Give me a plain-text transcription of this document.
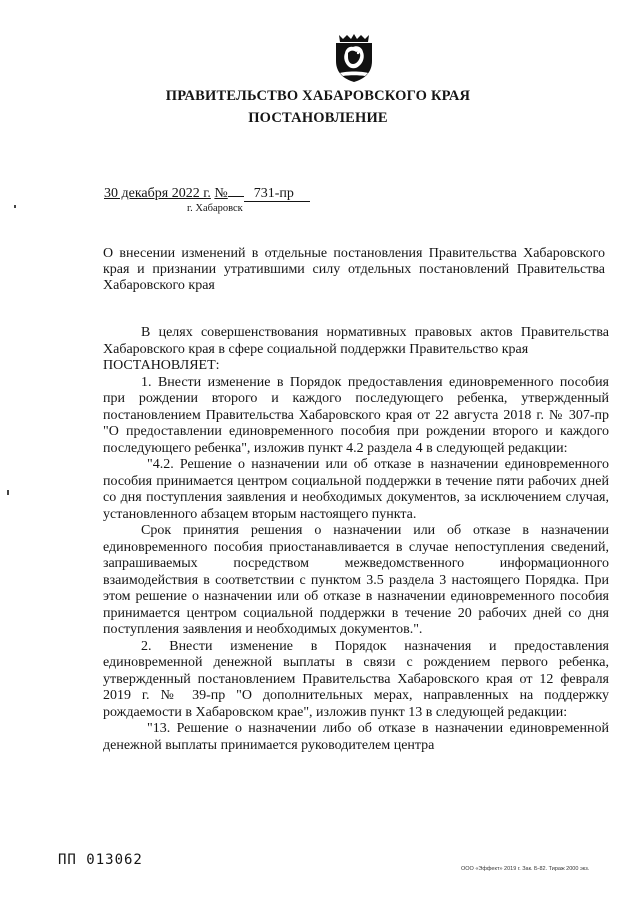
ПРАВИТЕЛЬСТВО ХАБАРОВСКОГО КРАЯ
ПОСТАНОВЛЕНИЕ
30 декабря 2022 г. № 731-пр
г. Хабаровск
О внесении изменений в отдельные постановления Правительства Хабаровского края и признании утратившими силу отдельных постановлений Правительства Хабаровского края

В целях совершенствования нормативных правовых актов Правительства Хабаровского края в сфере социальной поддержки Правительство края

ПОСТАНОВЛЯЕТ:

1. Внести изменение в Порядок предоставления единовременного пособия при рождении второго и каждого последующего ребенка, утвержденный постановлением Правительства Хабаровского края от 22 августа 2018 г. № 307-пр "О предоставлении единовременного пособия при рождении второго и каждого последующего ребенка", изложив пункт 4.2 раздела 4 в следующей редакции:

"4.2. Решение о назначении или об отказе в назначении единовременного пособия принимается центром социальной поддержки в течение пяти рабочих дней со дня поступления заявления и необходимых документов, за исключением случая, установленного абзацем вторым настоящего пункта.

Срок принятия решения о назначении или об отказе в назначении единовременного пособия приостанавливается в случае непоступления сведений, запрашиваемых посредством межведомственного информационного взаимодействия в соответствии с пунктом 3.5 раздела 3 настоящего Порядка. При этом решение о назначении или об отказе в назначении единовременного пособия принимается центром социальной поддержки в течение 20 рабочих дней со дня поступления заявления и необходимых документов.".

2. Внести изменение в Порядок назначения и предоставления единовременной денежной выплаты в связи с рождением первого ребенка, утвержденный постановлением Правительства Хабаровского края от 12 февраля 2019 г. № 39-пр "О дополнительных мерах, направленных на поддержку рождаемости в Хабаровском крае", изложив пункт 13 в следующей редакции:

"13. Решение о назначении либо об отказе в назначении единовременной денежной выплаты принимается руководителем центра

ПП 013062
ООО «Эффект» 2019 г. Зак. Б-82. Тираж 2000 экз.
